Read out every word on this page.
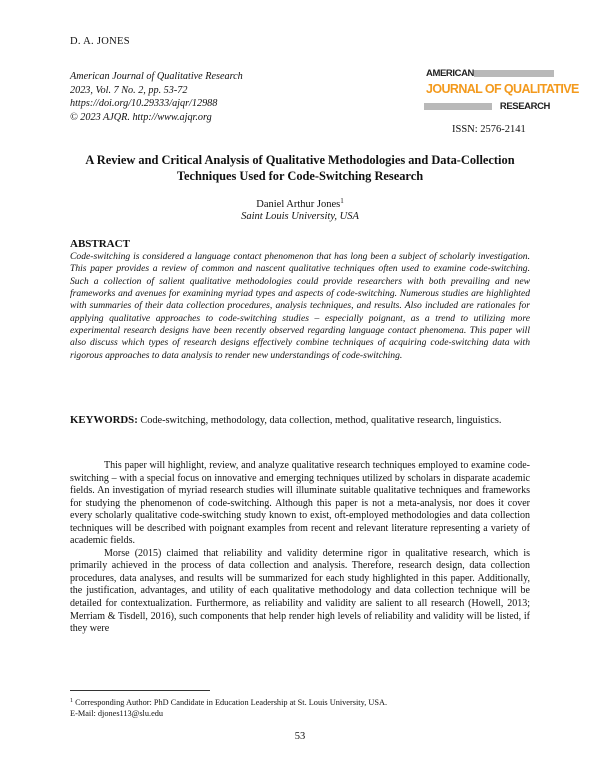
D. A. JONES
American Journal of Qualitative Research
2023, Vol. 7 No. 2, pp. 53-72
https://doi.org/10.29333/ajqr/12988
© 2023 AJQR. http://www.ajqr.org
AMERICAN
JOURNAL OF QUALITATIVE
RESEARCH
ISSN: 2576-2141
A Review and Critical Analysis of Qualitative Methodologies and Data-Collection Techniques Used for Code-Switching Research
Daniel Arthur Jones$^1$
Saint Louis University, USA
ABSTRACT
Code-switching is considered a language contact phenomenon that has long been a subject of scholarly investigation. This paper provides a review of common and nascent qualitative techniques often used to examine code-switching. Such a collection of salient qualitative methodologies could provide researchers with both prevailing and new frameworks and avenues for examining myriad types and aspects of code-switching. Numerous studies are highlighted with summaries of their data collection procedures, analysis techniques, and results. Also included are rationales for applying qualitative approaches to code-switching studies – especially poignant, as a trend to utilizing more experimental research designs have been recently observed regarding language contact phenomena. This paper will also discuss which types of research designs effectively combine techniques of acquiring code-switching data with rigorous approaches to data analysis to render new understandings of code-switching.
KEYWORDS: Code-switching, methodology, data collection, method, qualitative research, linguistics.

This paper will highlight, review, and analyze qualitative research techniques employed to examine code-switching – with a special focus on innovative and emerging techniques utilized by scholars in disparate academic fields. An investigation of myriad research studies will illuminate suitable qualitative techniques and frameworks for studying the phenomenon of code-switching. Although this paper is not a meta-analysis, nor does it cover every scholarly qualitative code-switching study known to exist, oft-employed methodologies and data collection techniques will be described with poignant examples from recent and relevant literature representing a variety of academic fields.

Morse (2015) claimed that reliability and validity determine rigor in qualitative research, which is primarily achieved in the process of data collection and analysis. Therefore, research design, data collection procedures, data analyses, and results will be summarized for each study highlighted in this paper. Additionally, the justification, advantages, and utility of each qualitative methodology and data collection technique will be detailed for contextualization. Furthermore, as reliability and validity are salient to all research (Howell, 2013; Merriam & Tisdell, 2016), such components that help render high levels of reliability and validity will be listed, if they were

$^1$ Corresponding Author: PhD Candidate in Education Leadership at St. Louis University, USA.
E-Mail: djones113@slu.edu
53
